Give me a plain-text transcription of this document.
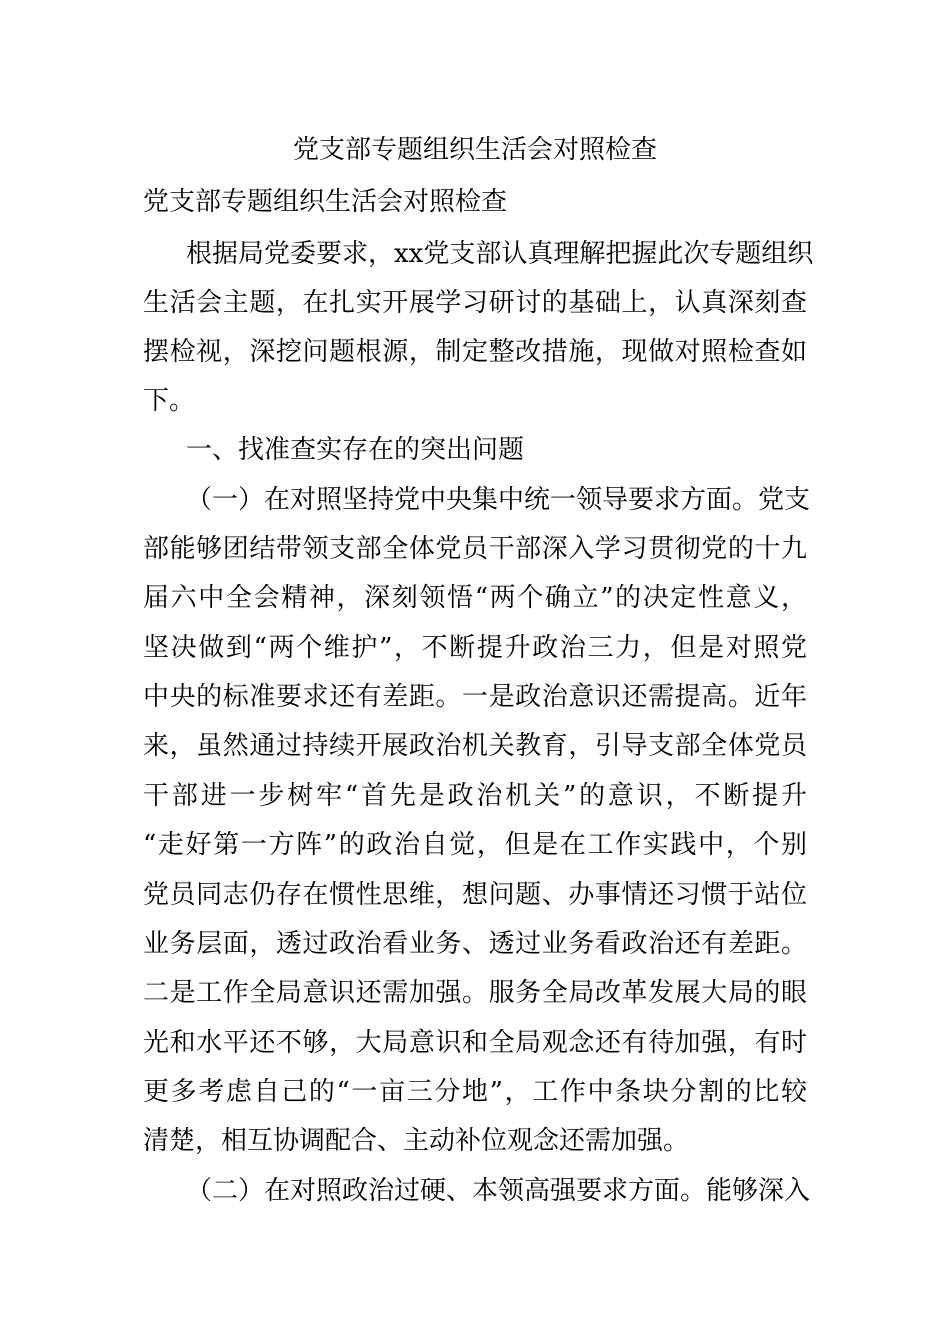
党支部专题组织生活会对照检查
党支部专题组织生活会对照检查
根据局党委要求，xx党支部认真理解把握此次专题组织
生活会主题，在扎实开展学习研讨的基础上，认真深刻查
摆检视，深挖问题根源，制定整改措施，现做对照检查如
下。
一、找准查实存在的突出问题
（一）在对照坚持党中央集中统一领导要求方面。党支
部能够团结带领支部全体党员干部深入学习贯彻党的十九
届六中全会精神，深刻领悟“两个确立”的决定性意义，
坚决做到“两个维护”，不断提升政治三力，但是对照党
中央的标准要求还有差距。一是政治意识还需提高。近年
来，虽然通过持续开展政治机关教育，引导支部全体党员
干部进一步树牢“首先是政治机关”的意识，不断提升
“走好第一方阵”的政治自觉，但是在工作实践中，个别
党员同志仍存在惯性思维，想问题、办事情还习惯于站位
业务层面，透过政治看业务、透过业务看政治还有差距。
二是工作全局意识还需加强。服务全局改革发展大局的眼
光和水平还不够，大局意识和全局观念还有待加强，有时
更多考虑自己的“一亩三分地”，工作中条块分割的比较
清楚，相互协调配合、主动补位观念还需加强。
（二）在对照政治过硬、本领高强要求方面。能够深入
